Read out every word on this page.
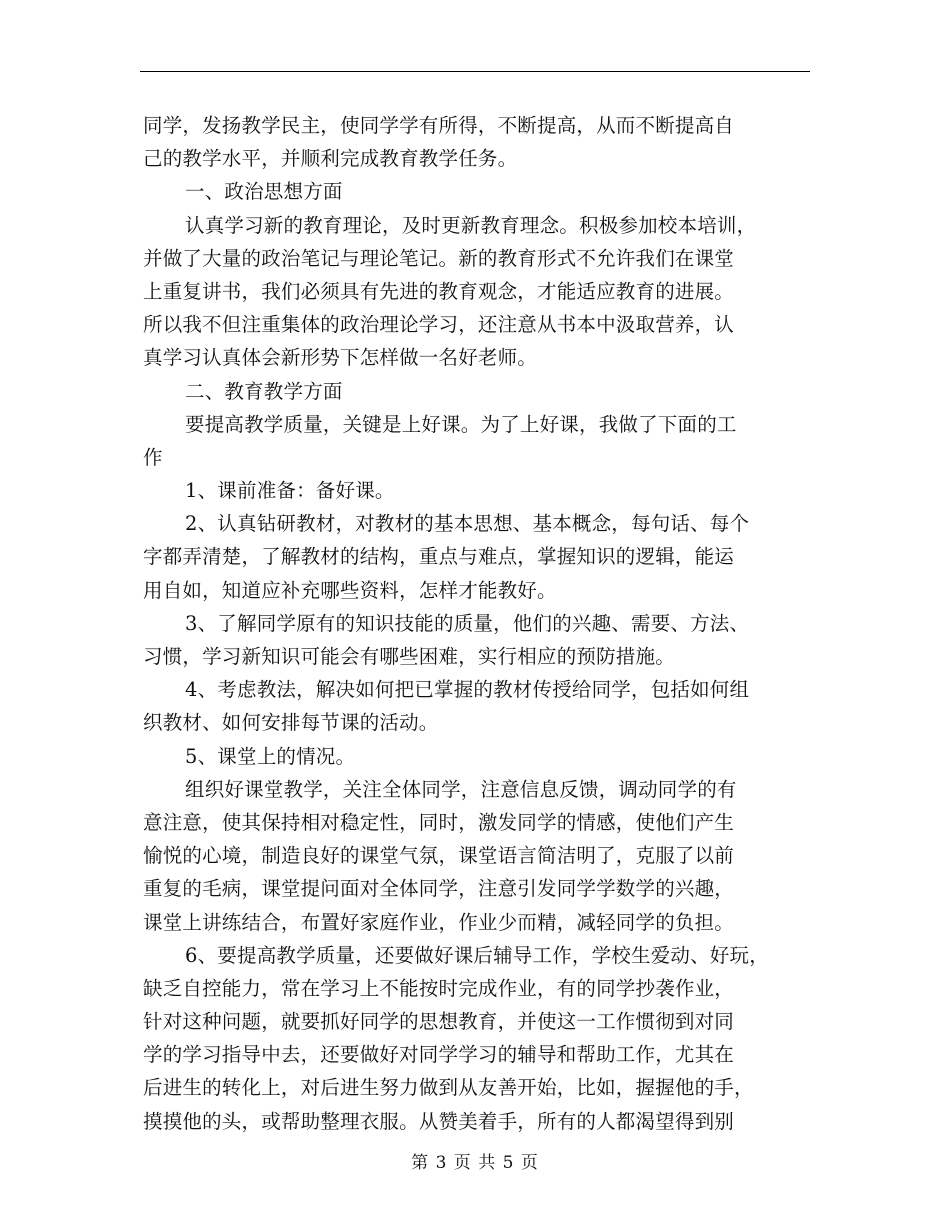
同学，发扬教学民主，使同学学有所得，不断提高，从而不断提高自
己的教学水平，并顺利完成教育教学任务。
一、政治思想方面
认真学习新的教育理论，及时更新教育理念。积极参加校本培训，
并做了大量的政治笔记与理论笔记。新的教育形式不允许我们在课堂
上重复讲书，我们必须具有先进的教育观念，才能适应教育的进展。
所以我不但注重集体的政治理论学习，还注意从书本中汲取营养，认
真学习认真体会新形势下怎样做一名好老师。
二、教育教学方面
要提高教学质量，关键是上好课。为了上好课，我做了下面的工
作
1、课前准备：备好课。
2、认真钻研教材，对教材的基本思想、基本概念，每句话、每个
字都弄清楚，了解教材的结构，重点与难点，掌握知识的逻辑，能运
用自如，知道应补充哪些资料，怎样才能教好。
3、了解同学原有的知识技能的质量，他们的兴趣、需要、方法、
习惯，学习新知识可能会有哪些困难，实行相应的预防措施。
4、考虑教法，解决如何把已掌握的教材传授给同学，包括如何组
织教材、如何安排每节课的活动。
5、课堂上的情况。
组织好课堂教学，关注全体同学，注意信息反馈，调动同学的有
意注意，使其保持相对稳定性，同时，激发同学的情感，使他们产生
愉悦的心境，制造良好的课堂气氛，课堂语言简洁明了，克服了以前
重复的毛病，课堂提问面对全体同学，注意引发同学学数学的兴趣，
课堂上讲练结合，布置好家庭作业，作业少而精，减轻同学的负担。
6、要提高教学质量，还要做好课后辅导工作，学校生爱动、好玩，
缺乏自控能力，常在学习上不能按时完成作业，有的同学抄袭作业，
针对这种问题，就要抓好同学的思想教育，并使这一工作惯彻到对同
学的学习指导中去，还要做好对同学学习的辅导和帮助工作，尤其在
后进生的转化上，对后进生努力做到从友善开始，比如，握握他的手，
摸摸他的头，或帮助整理衣服。从赞美着手，所有的人都渴望得到别
第 3 页 共 5 页
